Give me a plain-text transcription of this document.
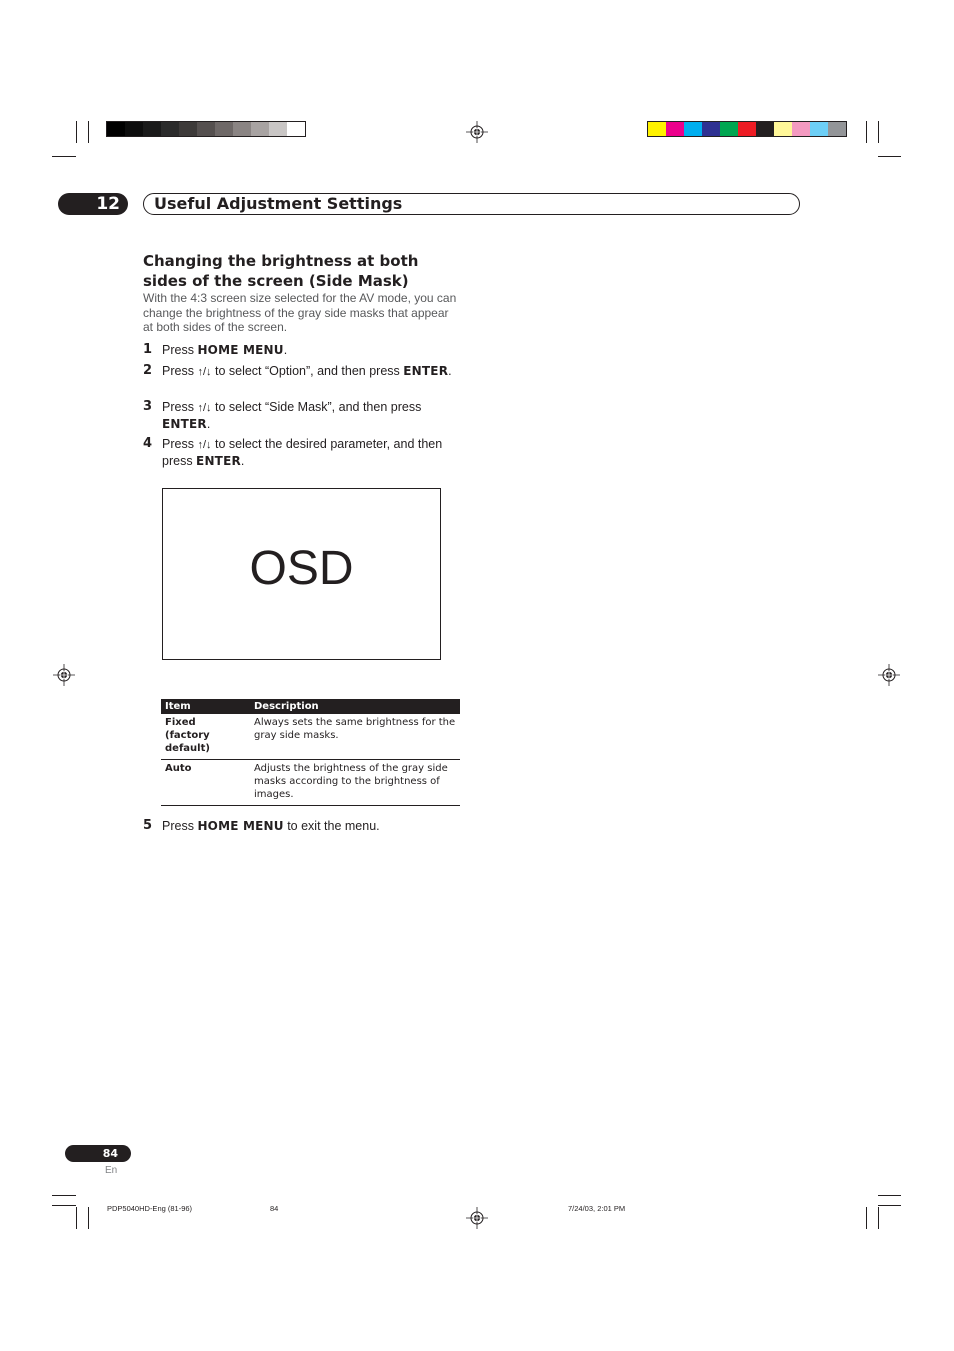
12	Useful Adjustment Settings
Changing the brightness at both sides of the screen (Side Mask)

With the 4:3 screen size selected for the AV mode, you can change the brightness of the gray side masks that appear at both sides of the screen.

1 Press HOME MENU.
2 Press ↑/↓ to select “Option”, and then press ENTER.
3 Press ↑/↓ to select “Side Mask”, and then press ENTER.
4 Press ↑/↓ to select the desired parameter, and then press ENTER.
OSD
Item	Description
Fixed
(factory default)	Always sets the same brightness for the gray side masks.
Auto	Adjusts the brightness of the gray side masks according to the brightness of images.
5 Press HOME MENU to exit the menu.
84
En
PDP5040HD-Eng (81-96)	84	7/24/03, 2:01 PM
